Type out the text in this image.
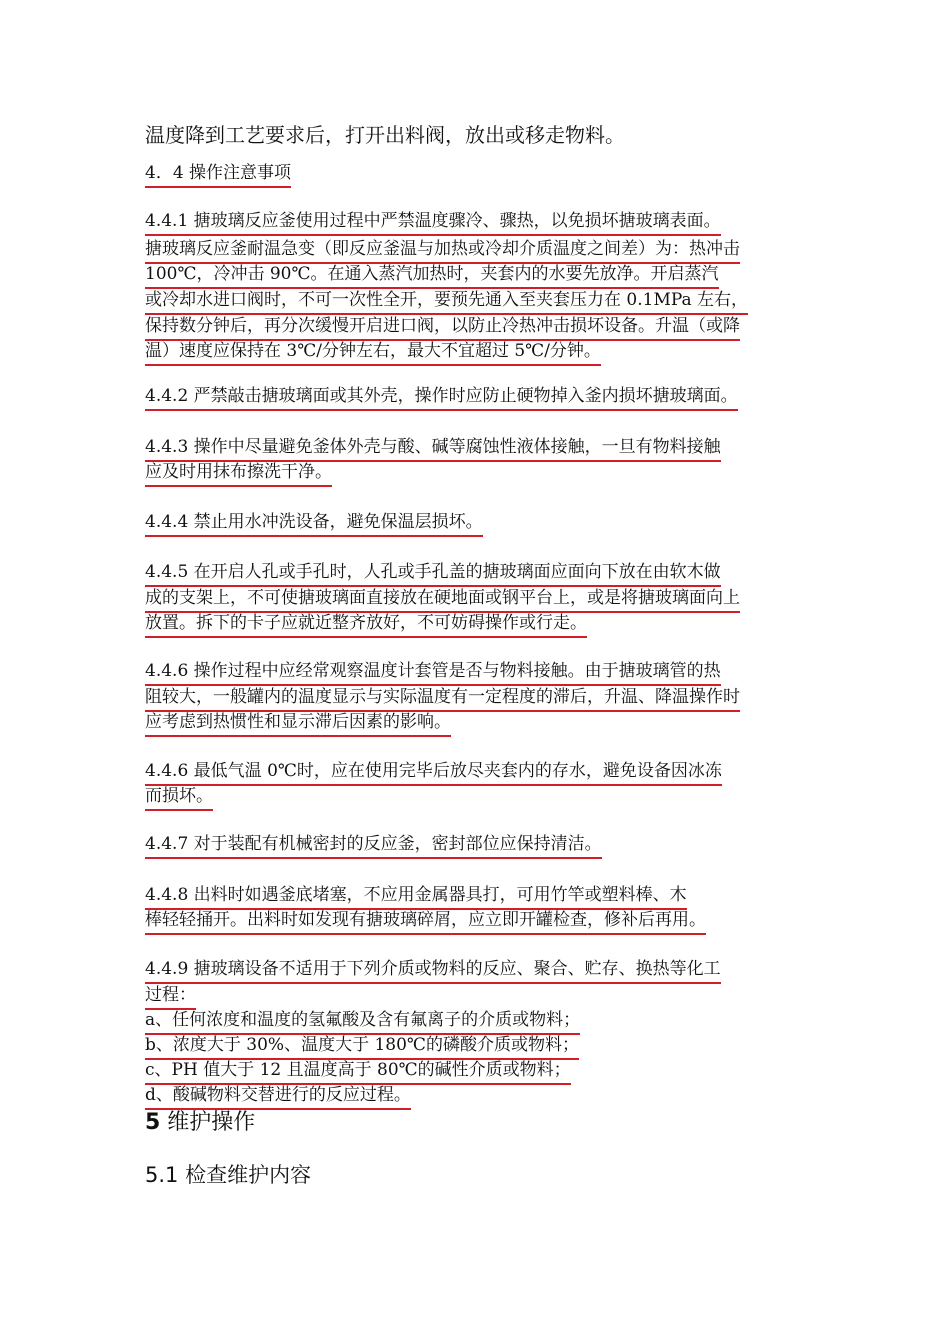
温度降到工艺要求后，打开出料阀，放出或移走物料。
4．4 操作注意事项
4.4.1 搪玻璃反应釜使用过程中严禁温度骤冷、骤热，以免损坏搪玻璃表面。
搪玻璃反应釜耐温急变（即反应釜温与加热或冷却介质温度之间差）为：热冲击
100℃，冷冲击 90℃。在通入蒸汽加热时，夹套内的水要先放净。开启蒸汽
或冷却水进口阀时，不可一次性全开，要预先通入至夹套压力在 0.1MPa 左右，
保持数分钟后，再分次缓慢开启进口阀，以防止冷热冲击损坏设备。升温（或降
温）速度应保持在 3℃/分钟左右，最大不宜超过 5℃/分钟。
4.4.2 严禁敲击搪玻璃面或其外壳，操作时应防止硬物掉入釜内损坏搪玻璃面。
4.4.3 操作中尽量避免釜体外壳与酸、碱等腐蚀性液体接触，一旦有物料接触
应及时用抹布擦洗干净。
4.4.4 禁止用水冲洗设备，避免保温层损坏。
4.4.5 在开启人孔或手孔时，人孔或手孔盖的搪玻璃面应面向下放在由软木做
成的支架上，不可使搪玻璃面直接放在硬地面或钢平台上，或是将搪玻璃面向上
放置。拆下的卡子应就近整齐放好，不可妨碍操作或行走。
4.4.6 操作过程中应经常观察温度计套管是否与物料接触。由于搪玻璃管的热
阻较大，一般罐内的温度显示与实际温度有一定程度的滞后，升温、降温操作时
应考虑到热惯性和显示滞后因素的影响。
4.4.6 最低气温 0℃时，应在使用完毕后放尽夹套内的存水，避免设备因冰冻
而损坏。
4.4.7 对于装配有机械密封的反应釜，密封部位应保持清洁。
4.4.8 出料时如遇釜底堵塞，不应用金属器具打，可用竹竿或塑料棒、木
棒轻轻捅开。出料时如发现有搪玻璃碎屑，应立即开罐检查，修补后再用。
4.4.9 搪玻璃设备不适用于下列介质或物料的反应、聚合、贮存、换热等化工
过程：
a、任何浓度和温度的氢氟酸及含有氟离子的介质或物料；
b、浓度大于 30%、温度大于 180℃的磷酸介质或物料；
c、PH 值大于 12 且温度高于 80℃的碱性介质或物料；
d、酸碱物料交替进行的反应过程。
5 维护操作
5.1 检查维护内容
